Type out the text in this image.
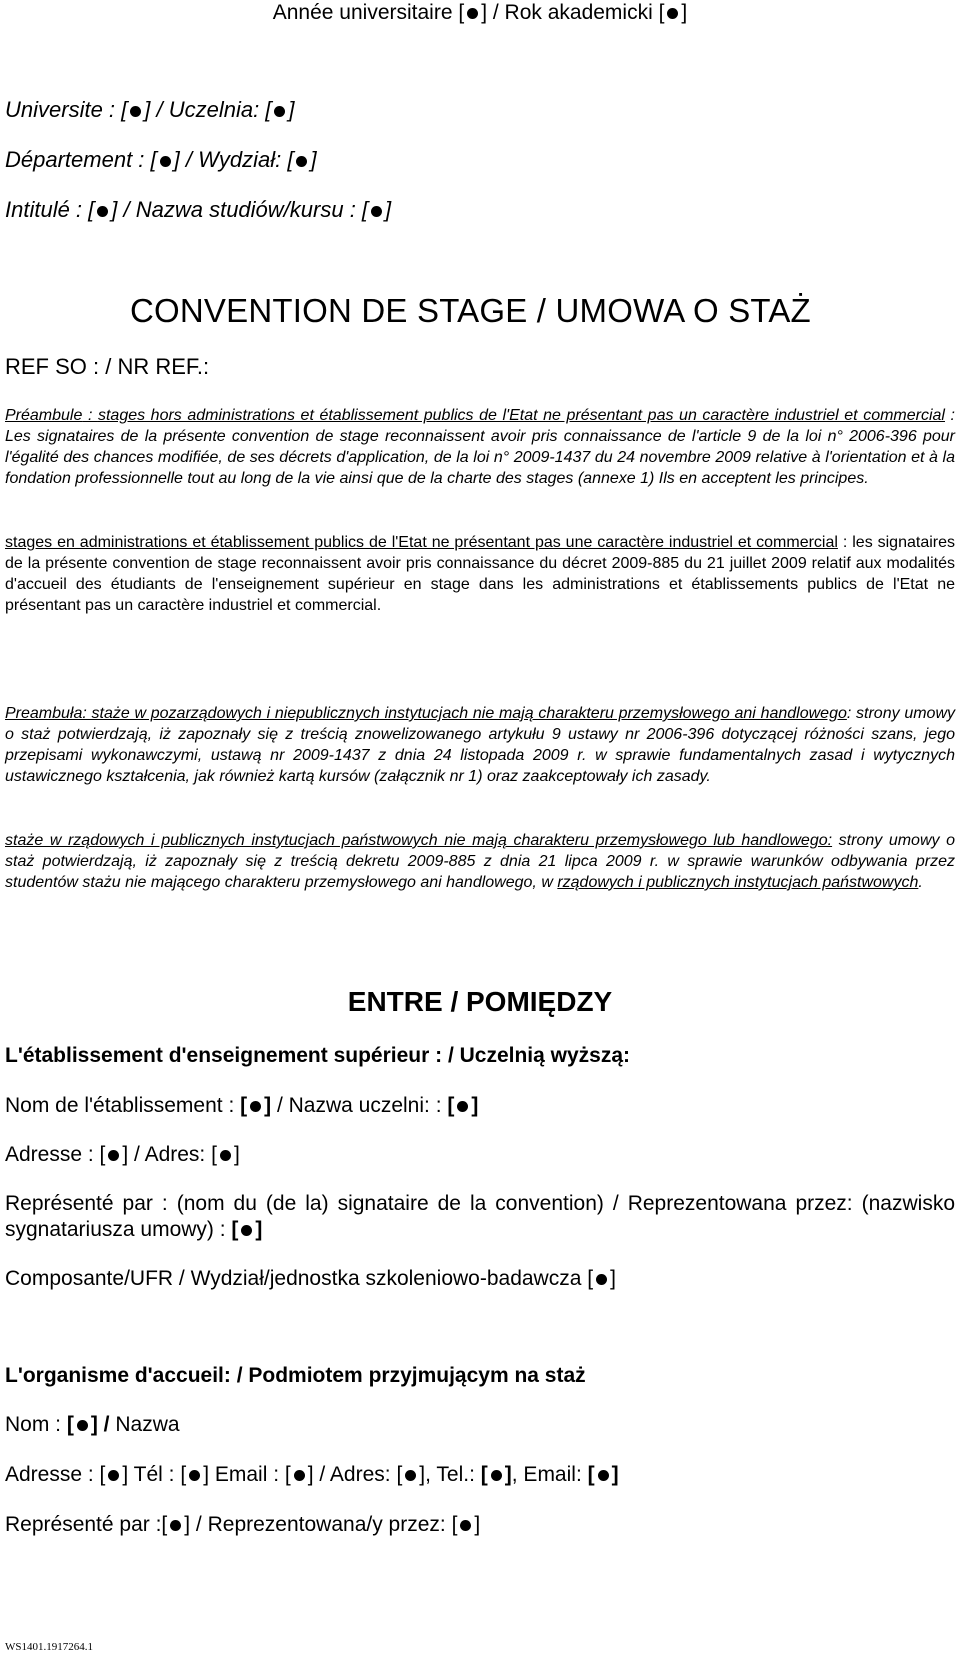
Année universitaire [ ] / Rok akademicki [ ]
Universite : [ ] / Uczelnia: [ ]
Département : [ ] / Wydział: [ ]
Intitulé : [ ] / Nazwa studiów/kursu : [ ]
CONVENTION DE STAGE / UMOWA O STAŻ
REF SO : / NR REF.:
Préambule : stages hors administrations et établissement publics de l'Etat ne présentant pas un caractère industriel et commercial : Les signataires de la présente convention de stage reconnaissent avoir pris connaissance de l'article 9 de la loi n° 2006-396 pour l'égalité des chances modifiée, de ses décrets d'application, de la loi n° 2009-1437 du 24 novembre 2009 relative à l'orientation et à la fondation professionnelle tout au long de la vie ainsi que de la charte des stages (annexe 1) Ils en acceptent les principes.
stages en administrations et établissement publics de l'Etat ne présentant pas une caractère industriel et commercial : les signataires de la présente convention de stage reconnaissent avoir pris connaissance du décret 2009-885 du 21 juillet 2009 relatif aux modalités d'accueil des étudiants de l'enseignement supérieur en stage dans les administrations et établissements publics de l'Etat ne présentant pas un caractère industriel et commercial.
Preambuła: staże w pozarządowych i niepublicznych instytucjach nie mają charakteru przemysłowego ani handlowego: strony umowy o staż potwierdzają, iż zapoznały się z treścią znowelizowanego artykułu 9 ustawy nr 2006-396 dotyczącej różności szans, jego przepisami wykonawczymi, ustawą nr 2009-1437 z dnia 24 listopada 2009 r. w sprawie fundamentalnych zasad i wytycznych ustawicznego kształcenia, jak również kartą kursów (załącznik nr 1) oraz zaakceptowały ich zasady.
staże w rządowych i publicznych instytucjach państwowych nie mają charakteru przemysłowego lub handlowego: strony umowy o staż potwierdzają, iż zapoznały się z treścią dekretu 2009-885 z dnia 21 lipca 2009 r. w sprawie warunków odbywania przez studentów stażu nie mającego charakteru przemysłowego ani handlowego, w rządowych i publicznych instytucjach państwowych.
ENTRE / POMIĘDZY
L'établissement d'enseignement supérieur : / Uczelnią wyższą:
Nom de l'établissement : [ ] / Nazwa uczelni: : [ ]
Adresse : [ ] / Adres: [ ]
Représenté par : (nom du (de la) signataire de la convention) / Reprezentowana przez: (nazwisko sygnatariusza umowy) : [ ]
Composante/UFR / Wydział/jednostka szkoleniowo-badawcza [ ]
L'organisme d'accueil: / Podmiotem przyjmującym na staż
Nom : [ ] / Nazwa
Adresse : [ ] Tél : [ ] Email : [ ] / Adres: [ ], Tel.: [ ], Email: [ ]
Représenté par :[ ] / Reprezentowana/y przez: [ ]
WS1401.1917264.1
